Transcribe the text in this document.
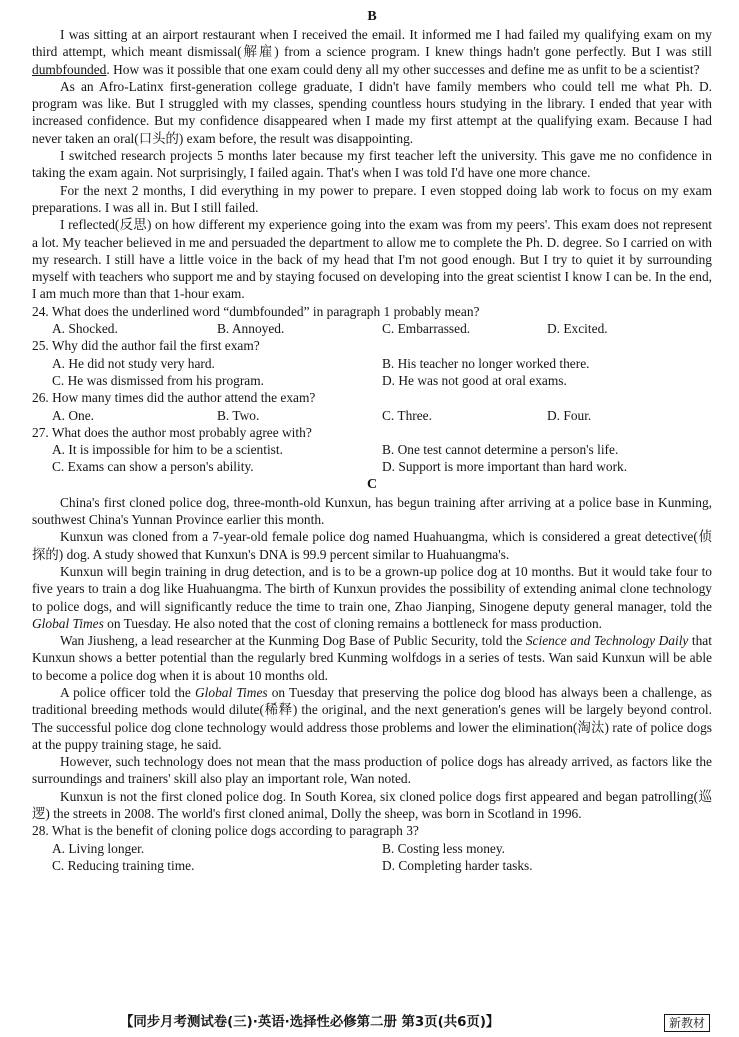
B

I was sitting at an airport restaurant when I received the email. It informed me I had failed my qualifying exam on my third attempt, which meant dismissal(解雇) from a science program. I knew things hadn't gone perfectly. But I was still dumbfounded. How was it possible that one exam could deny all my other successes and define me as unfit to be a scientist?

As an Afro-Latinx first-generation college graduate, I didn't have family members who could tell me what Ph. D. program was like. But I struggled with my classes, spending countless hours studying in the library. I ended that year with increased confidence. But my confidence disappeared when I made my first attempt at the qualifying exam. Because I had never taken an oral(口头的) exam before, the result was disappointing.

I switched research projects 5 months later because my first teacher left the university. This gave me no confidence in taking the exam again. Not surprisingly, I failed again. That's when I was told I'd have one more chance.

For the next 2 months, I did everything in my power to prepare. I even stopped doing lab work to focus on my exam preparations. I was all in. But I still failed.

I reflected(反思) on how different my experience going into the exam was from my peers'. This exam does not represent a lot. My teacher believed in me and persuaded the department to allow me to complete the Ph. D. degree. So I carried on with my research. I still have a little voice in the back of my head that I'm not good enough. But I try to quiet it by surrounding myself with teachers who support me and by staying focused on developing into the great scientist I know I can be. In the end, I am much more than that 1-hour exam.

24. What does the underlined word “dumbfounded” in paragraph 1 probably mean?

A. Shocked.	B. Annoyed.	C. Embarrassed.	D. Excited.

25. Why did the author fail the first exam?

A. He did not study very hard.	B. His teacher no longer worked there.
C. He was dismissed from his program.	D. He was not good at oral exams.

26. How many times did the author attend the exam?

A. One.	B. Two.	C. Three.	D. Four.

27. What does the author most probably agree with?

A. It is impossible for him to be a scientist.	B. One test cannot determine a person's life.
C. Exams can show a person's ability.	D. Support is more important than hard work.

C

China's first cloned police dog, three-month-old Kunxun, has begun training after arriving at a police base in Kunming, southwest China's Yunnan Province earlier this month.

Kunxun was cloned from a 7-year-old female police dog named Huahuangma, which is considered a great detective(侦探的) dog. A study showed that Kunxun's DNA is 99.9 percent similar to Huahuangma's.

Kunxun will begin training in drug detection, and is to be a grown-up police dog at 10 months. But it would take four to five years to train a dog like Huahuangma. The birth of Kunxun provides the possibility of extending animal clone technology to police dogs, and will significantly reduce the time to train one, Zhao Jianping, Sinogene deputy general manager, told the Global Times on Tuesday. He also noted that the cost of cloning remains a bottleneck for mass production.

Wan Jiusheng, a lead researcher at the Kunming Dog Base of Public Security, told the Science and Technology Daily that Kunxun shows a better potential than the regularly bred Kunming wolfdogs in a series of tests. Wan said Kunxun will be able to become a police dog when it is about 10 months old.

A police officer told the Global Times on Tuesday that preserving the police dog blood has always been a challenge, as traditional breeding methods would dilute(稀释) the original, and the next generation's genes will be largely beyond control. The successful police dog clone technology would address those problems and lower the elimination(淘汰) rate of police dogs at the puppy training stage, he said.

However, such technology does not mean that the mass production of police dogs has already arrived, as factors like the surroundings and trainers' skill also play an important role, Wan noted.

Kunxun is not the first cloned police dog. In South Korea, six cloned police dogs first appeared and began patrolling(巡逻) the streets in 2008. The world's first cloned animal, Dolly the sheep, was born in Scotland in 1996.

28. What is the benefit of cloning police dogs according to paragraph 3?

A. Living longer.	B. Costing less money.
C. Reducing training time.	D. Completing harder tasks.
【同步月考测试卷(三)·英语·选择性必修第二册 第3页(共6页)】	新教材
